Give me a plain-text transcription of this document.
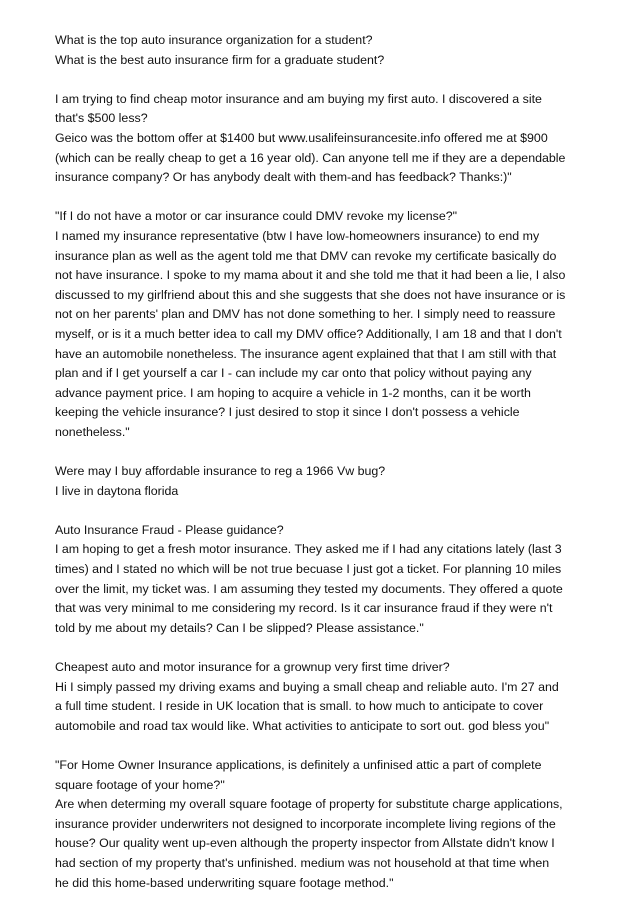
What is the top auto insurance organization for a student?
What is the best auto insurance firm for a graduate student?
I am trying to find cheap motor insurance and am buying my first auto. I discovered a site
that's $500 less?
Geico was the bottom offer at $1400 but www.usalifeinsurancesite.info offered me at $900
(which can be really cheap to get a 16 year old). Can anyone tell me if they are a dependable
insurance company? Or has anybody dealt with them-and has feedback? Thanks:)"
"If I do not have a motor or car insurance could DMV revoke my license?"
I named my insurance representative (btw I have low-homeowners insurance) to end my
insurance plan as well as the agent told me that DMV can revoke my certificate basically do
not have insurance. I spoke to my mama about it and she told me that it had been a lie, I also
discussed to my girlfriend about this and she suggests that she does not have insurance or is
not on her parents' plan and DMV has not done something to her. I simply need to reassure
myself, or is it a much better idea to call my DMV office? Additionally, I am 18 and that I don't
have an automobile nonetheless. The insurance agent explained that that I am still with that
plan and if I get yourself a car I - can include my car onto that policy without paying any
advance payment price. I am hoping to acquire a vehicle in 1-2 months, can it be worth
keeping the vehicle insurance? I just desired to stop it since I don't possess a vehicle
nonetheless."
Were may I buy affordable insurance to reg a 1966 Vw bug?
I live in daytona florida
Auto Insurance Fraud - Please guidance?
I am hoping to get a fresh motor insurance. They asked me if I had any citations lately (last 3
times) and I stated no which will be not true becuase I just got a ticket. For planning 10 miles
over the limit, my ticket was. I am assuming they tested my documents. They offered a quote
that was very minimal to me considering my record. Is it car insurance fraud if they were n't
told by me about my details? Can I be slipped? Please assistance."
Cheapest auto and motor insurance for a grownup very first time driver?
Hi I simply passed my driving exams and buying a small cheap and reliable auto. I'm 27 and
a full time student. I reside in UK location that is small. to how much to anticipate to cover
automobile and road tax would like. What activities to anticipate to sort out. god bless you"
"For Home Owner Insurance applications, is definitely a unfinised attic a part of complete
square footage of your home?"
Are when determing my overall square footage of property for substitute charge applications,
insurance provider underwriters not designed to incorporate incomplete living regions of the
house? Our quality went up-even although the property inspector from Allstate didn't know I
had section of my property that's unfinished. medium was not household at that time when
he did this home-based underwriting square footage method."
